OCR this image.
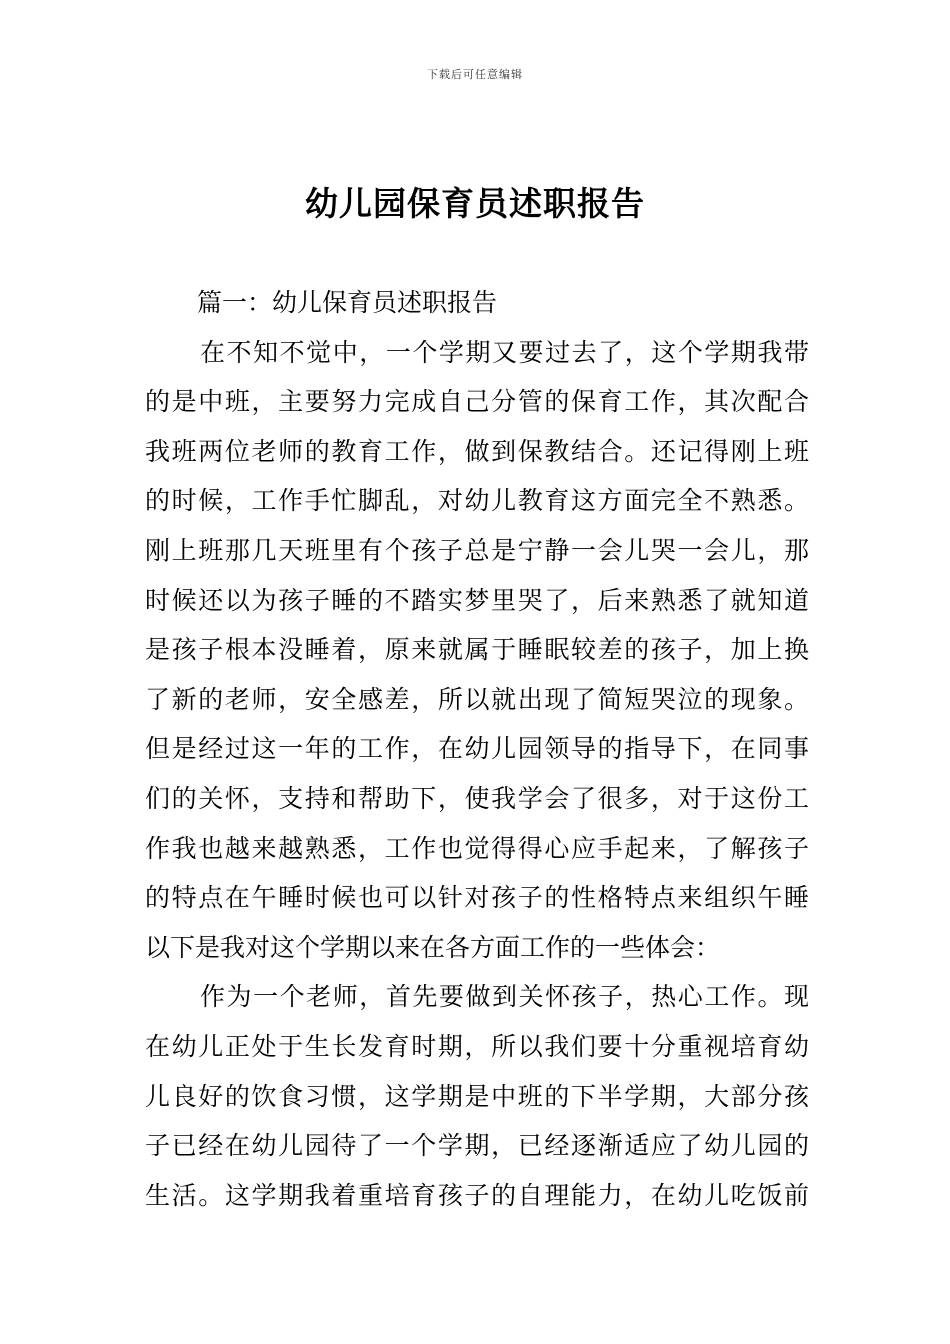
下载后可任意编辑
幼儿园保育员述职报告
篇一：幼儿保育员述职报告
在不知不觉中，一个学期又要过去了，这个学期我带
的是中班，主要努力完成自己分管的保育工作，其次配合
我班两位老师的教育工作，做到保教结合。还记得刚上班
的时候，工作手忙脚乱，对幼儿教育这方面完全不熟悉。
刚上班那几天班里有个孩子总是宁静一会儿哭一会儿，那
时候还以为孩子睡的不踏实梦里哭了，后来熟悉了就知道
是孩子根本没睡着，原来就属于睡眠较差的孩子，加上换
了新的老师，安全感差，所以就出现了简短哭泣的现象。
但是经过这一年的工作，在幼儿园领导的指导下，在同事
们的关怀，支持和帮助下，使我学会了很多，对于这份工
作我也越来越熟悉，工作也觉得得心应手起来，了解孩子
的特点在午睡时候也可以针对孩子的性格特点来组织午睡
以下是我对这个学期以来在各方面工作的一些体会：
作为一个老师，首先要做到关怀孩子，热心工作。现
在幼儿正处于生长发育时期，所以我们要十分重视培育幼
儿良好的饮食习惯，这学期是中班的下半学期，大部分孩
子已经在幼儿园待了一个学期，已经逐渐适应了幼儿园的
生活。这学期我着重培育孩子的自理能力，在幼儿吃饭前
